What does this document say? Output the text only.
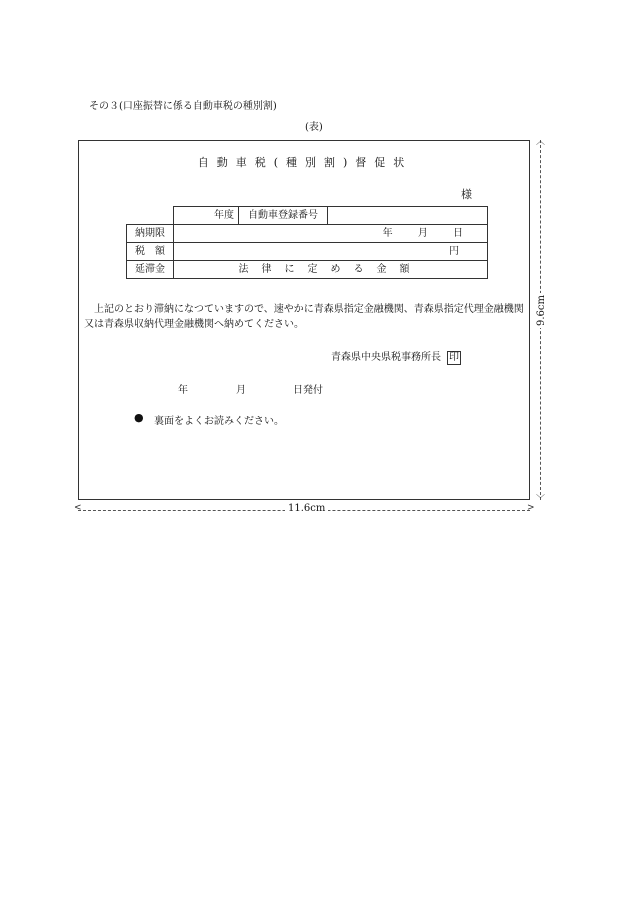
その３(口座振替に係る自動車税の種別割)
(表)
自動車税(種別割)督促状
様
	年度	自動車登録番号	
納期限	年 月 日		
税　額	円		
延滞金	法律に定める金額		
上記のとおり滞納になつていますので、速やかに青森県指定金融機関、青森県指定代理金融機関又は青森県収納代理金融機関へ納めてください。
青森県中央県税事務所長 印
年	月	日発付
● 裏面をよくお読みください。
︿
﹀
9.6cm
<	>
11.6cm
